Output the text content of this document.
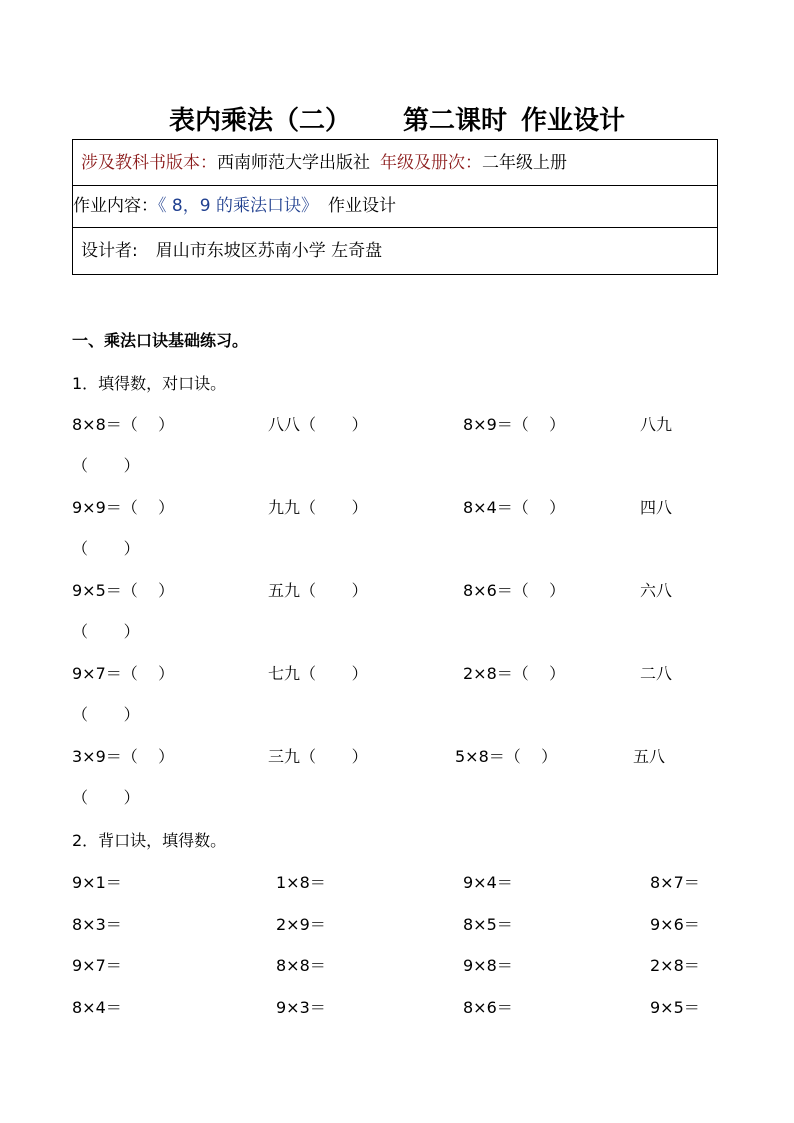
表内乘法（二） 第二课时 作业设计
涉及教科书版本：西南师范大学出版社 年级及册次：二年级上册
作业内容：《 8，9 的乘法口诀》 作业设计
设计者: 眉山市东坡区苏南小学 左奇盘
一、乘法口诀基础练习。
1．填得数，对口诀。
8×8＝（    ）	八八（       ）	8×9＝（    ）	八九
（       ）
9×9＝（    ）	九九（       ）	8×4＝（    ）	四八
（       ）
9×5＝（    ）	五九（       ）	8×6＝（    ）	六八
（       ）
9×7＝（    ）	七九（       ）	2×8＝（    ）	二八
（       ）
3×9＝（    ）	三九（       ）	5×8＝（    ）	五八
（       ）
2．背口诀，填得数。
9×1＝	1×8＝	9×4＝	8×7＝
8×3＝	2×9＝	8×5＝	9×6＝
9×7＝	8×8＝	9×8＝	2×8＝
8×4＝	9×3＝	8×6＝	9×5＝
